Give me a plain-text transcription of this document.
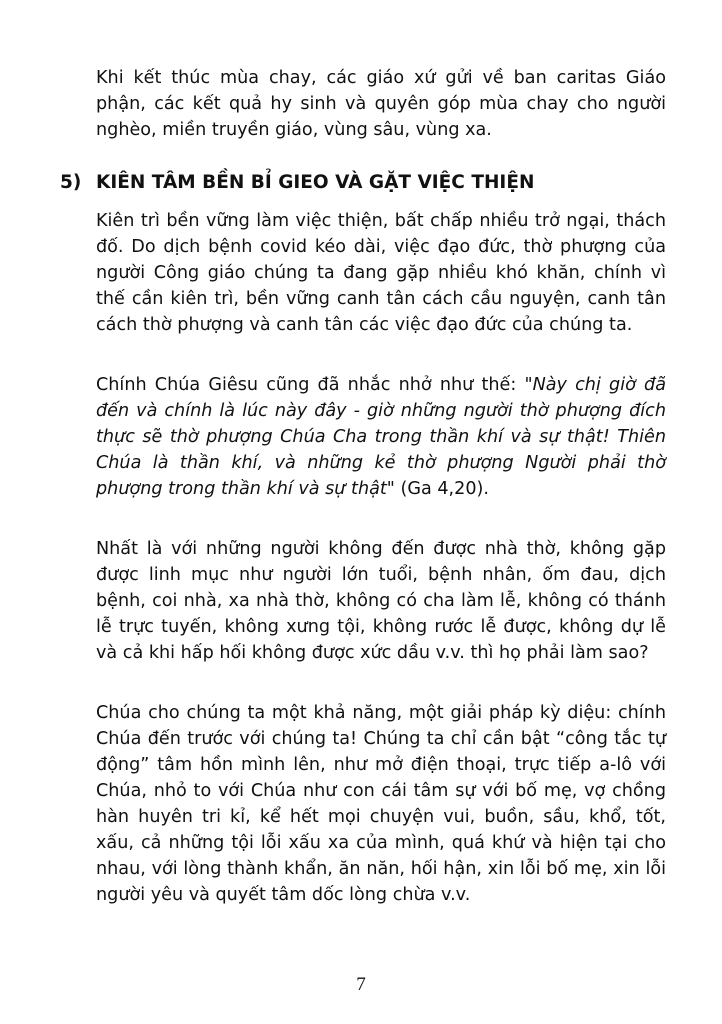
Khi kết thúc mùa chay, các giáo xứ gửi về ban caritas Giáo phận, các kết quả hy sinh và quyên góp mùa chay cho người nghèo, miền truyền giáo, vùng sâu, vùng xa.

5) KIÊN TÂM BỀN BỈ GIEO VÀ GẶT VIỆC THIỆN

Kiên trì bền vững làm việc thiện, bất chấp nhiều trở ngại, thách đố. Do dịch bệnh covid kéo dài, việc đạo đức, thờ phượng của người Công giáo chúng ta đang gặp nhiều khó khăn, chính vì thế cần kiên trì, bền vững canh tân cách cầu nguyện, canh tân cách thờ phượng và canh tân các việc đạo đức của chúng ta.

Chính Chúa Giêsu cũng đã nhắc nhở như thế: "Này chị giờ đã đến và chính là lúc này đây - giờ những người thờ phượng đích thực sẽ thờ phượng Chúa Cha trong thần khí và sự thật! Thiên Chúa là thần khí, và những kẻ thờ phượng Người phải thờ phượng trong thần khí và sự thật" (Ga 4,20).

Nhất là với những người không đến được nhà thờ, không gặp được linh mục như người lớn tuổi, bệnh nhân, ốm đau, dịch bệnh, coi nhà, xa nhà thờ, không có cha làm lễ, không có thánh lễ trực tuyến, không xưng tội, không rước lễ được, không dự lễ và cả khi hấp hối không được xức dầu v.v. thì họ phải làm sao?

Chúa cho chúng ta một khả năng, một giải pháp kỳ diệu: chính Chúa đến trước với chúng ta! Chúng ta chỉ cần bật “công tắc tự động” tâm hồn mình lên, như mở điện thoại, trực tiếp a-lô với Chúa, nhỏ to với Chúa như con cái tâm sự với bố mẹ, vợ chồng hàn huyên tri kỉ, kể hết mọi chuyện vui, buồn, sầu, khổ, tốt, xấu, cả những tội lỗi xấu xa của mình, quá khứ và hiện tại cho nhau, với lòng thành khẩn, ăn năn, hối hận, xin lỗi bố mẹ, xin lỗi người yêu và quyết tâm dốc lòng chừa v.v.

7
